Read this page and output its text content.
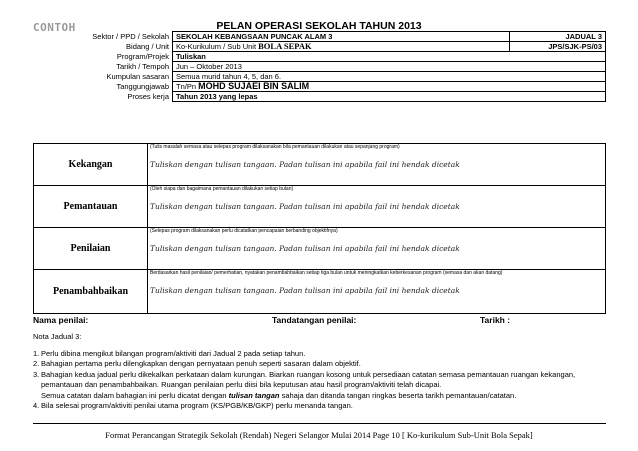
CONTOH	PELAN OPERASI SEKOLAH TAHUN 2013
Sektor / PPD / Sekolah	SEKOLAH KEBANGSAAN PUNCAK ALAM 3	JADUAL 3
Bidang / Unit	Ko-Kurikulum / Sub Unit BOLA SEPAK	JPS/SJK-PS/03
Program/Projek	Tuliskan	
Tarikh / Tempoh	Jun – Oktober 2013	
Kumpulan sasaran	Semua murid tahun 4, 5, dan 6.	
Tanggungjawab	Tn/Pn MOHD SUJAEI BIN SALIM	
Proses kerja	Tahun 2013 yang lepas	
Kekangan	(Tulis masalah semasa atau selepas program dilaksanakan bila pemantauan dilakukan atau sepanjang program)
Tuliskan dengan tulisan tangaan. Padan tulisan ini apabila fail ini hendak dicetak

Pemantauan	(Oleh siapa dan bagaimana pemantauan dilakukan setiap bulan)
Tuliskan dengan tulisan tangaan. Padan tulisan ini apabila fail ini hendak dicetak

Penilaian	(Selepas program dilaksanakan perlu dicatatkan pencapaian berbanding objektifnya)
Tuliskan dengan tulisan tangaan. Padan tulisan ini apabila fail ini hendak dicetak

Penambahbaikan	Berdasarkan hasil penilaian/ pemerhatian, nyatakan penambahbaikan setiap tiga bulan untuk meningkatkan keberkesanan program (semasa dan akan datang)
Tuliskan dengan tulisan tangaan. Padan tulisan ini apabila fail ini hendak dicetak
Nama penilai:	Tandatangan penilai:	Tarikh :
Nota Jadual 3:
1. Perlu dibina mengikut bilangan program/aktiviti dari Jadual 2 pada setiap tahun.
2. Bahagian pertama perlu dilengkapkan dengan pernyataan penuh seperti sasaran dalam objektif.
3. Bahagian kedua jadual perlu dikekalkan perkataan dalam kurungan. Biarkan ruangan kosong untuk persediaan catatan semasa pemantauan ruangan kekangan, pemantauan dan penambahbaikan. Ruangan penilaian perlu diisi bila keputusan atau hasil program/aktiviti telah dicapai.
Semua catatan dalam bahagian ini perlu dicatat dengan tulisan tangan sahaja dan ditanda tangan ringkas beserta tarikh pemantauan/catatan.
4. Bila selesai program/aktiviti penilai utama program (KS/PGB/KB/GKP) perlu menanda tangan.
Format Perancangan Strategik Sekolah (Rendah) Negeri Selangor Mulai 2014 Page 10 [ Ko-kurikulum Sub-Unit Bola Sepak]
